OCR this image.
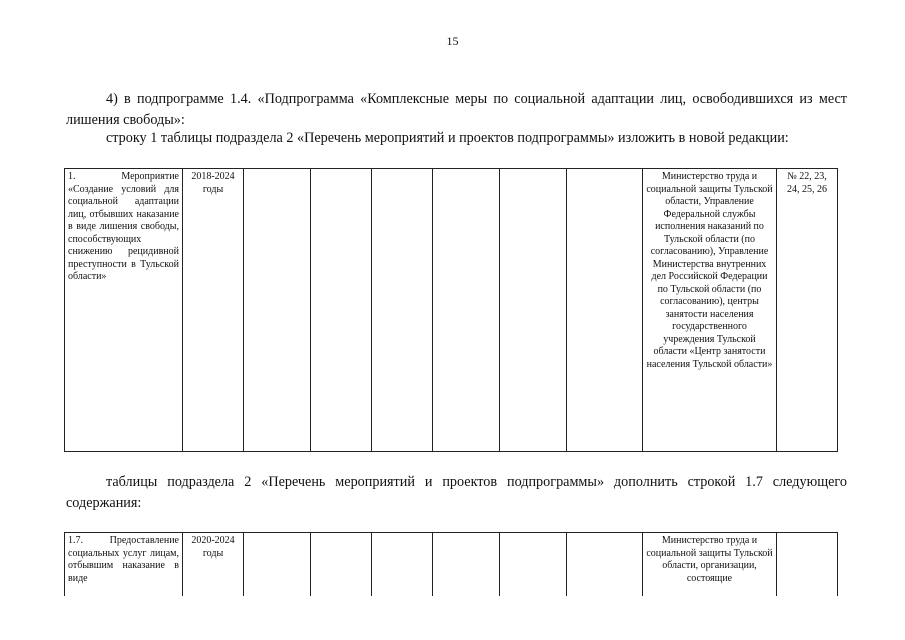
15
4) в подпрограмме 1.4. «Подпрограмма «Комплексные меры по социальной адаптации лиц, освободившихся из мест лишения свободы»:
строку 1 таблицы подраздела 2 «Перечень мероприятий и проектов подпрограммы» изложить в новой редакции:
1. Мероприятие «Создание условий для социальной адаптации лиц, отбывших наказание в виде лишения свободы, способствующих снижению рецидивной преступности в Тульской области»	2018-2024 годы							Министерство труда и социальной защиты Тульской области, Управление Федеральной службы исполнения наказаний по Тульской области (по согласованию), Управление Министерства внутренних дел Российской Федерации по Тульской области (по согласованию), центры занятости населения государственного учреждения Тульской области «Центр занятости населения Тульской области»	№ 22, 23, 24, 25, 26
таблицы подраздела 2 «Перечень мероприятий и проектов подпрограммы» дополнить строкой 1.7 следующего содержания:
1.7. Предоставление социальных услуг лицам, отбывшим наказание в виде	2020-2024 годы							Министерство труда и социальной защиты Тульской области, организации, состоящие	
